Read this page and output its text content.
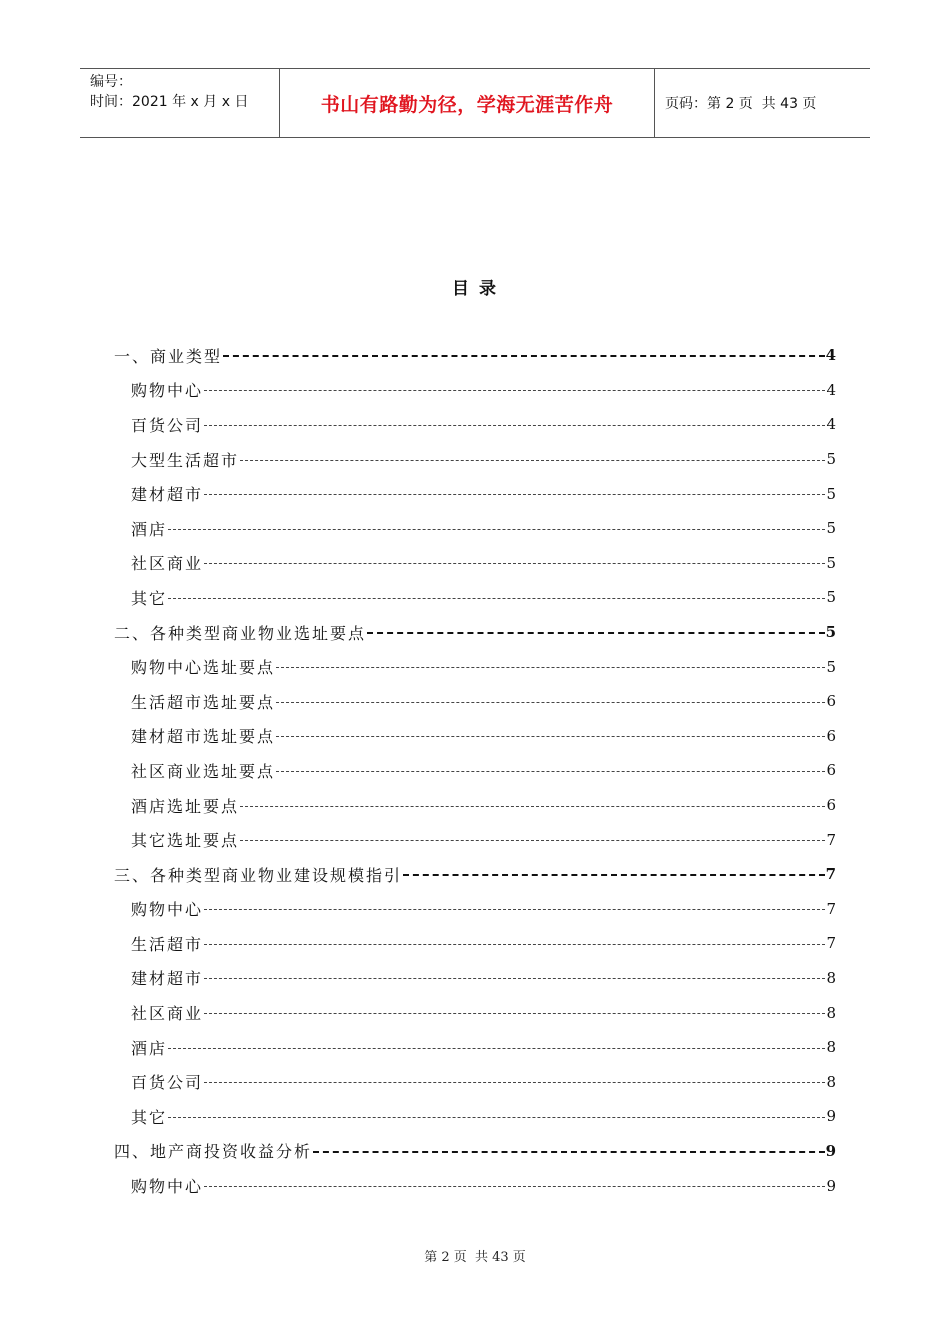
编号：
时间：2021 年 x 月 x 日	书山有路勤为径，学海无涯苦作舟	页码：第 2 页  共 43 页
目 录
一、商业类型	4
购物中心	4
百货公司	4
大型生活超市	5
建材超市	5
酒店	5
社区商业	5
其它	5
二、各种类型商业物业选址要点	5
购物中心选址要点	5
生活超市选址要点	6
建材超市选址要点	6
社区商业选址要点	6
酒店选址要点	6
其它选址要点	7
三、各种类型商业物业建设规模指引	7
购物中心	7
生活超市	7
建材超市	8
社区商业	8
酒店	8
百货公司	8
其它	9
四、地产商投资收益分析	9
购物中心	9
第 2 页  共 43 页
